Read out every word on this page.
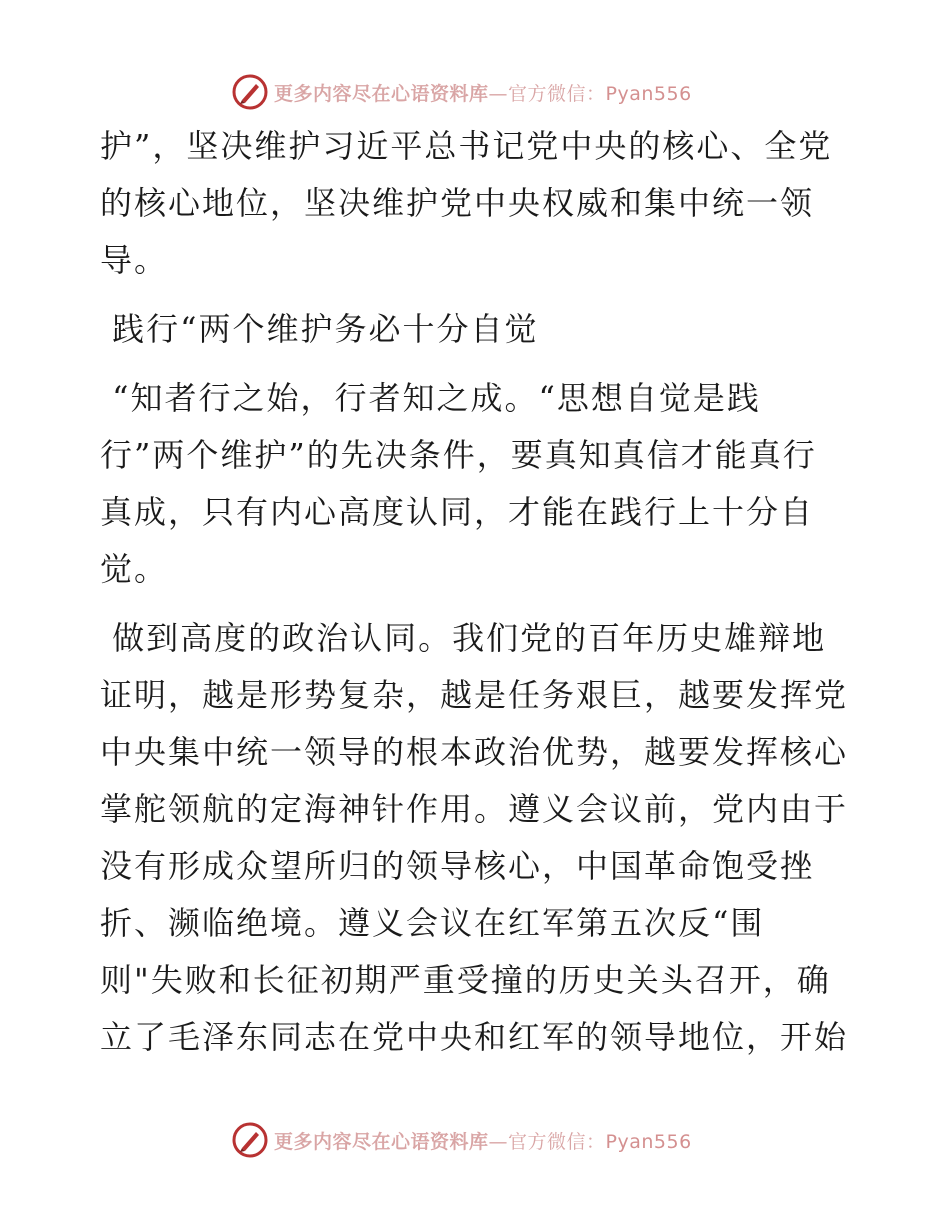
更多内容尽在心语资料库—官方微信：Pyan556
护”，坚决维护习近平总书记党中央的核心、全党
的核心地位，坚决维护党中央权威和集中统一领
导。
践行“两个维护务必十分自觉
“知者行之始，行者知之成。“思想自觉是践
行”两个维护”的先决条件，要真知真信才能真行
真成，只有内心高度认同，才能在践行上十分自
觉。
做到高度的政治认同。我们党的百年历史雄辩地
证明，越是形势复杂，越是任务艰巨，越要发挥党
中央集中统一领导的根本政治优势，越要发挥核心
掌舵领航的定海神针作用。遵义会议前，党内由于
没有形成众望所归的领导核心，中国革命饱受挫
折、濒临绝境。遵义会议在红军第五次反“围
则"失败和长征初期严重受撞的历史关头召开，确
立了毛泽东同志在党中央和红军的领导地位，开始
更多内容尽在心语资料库—官方微信：Pyan556
